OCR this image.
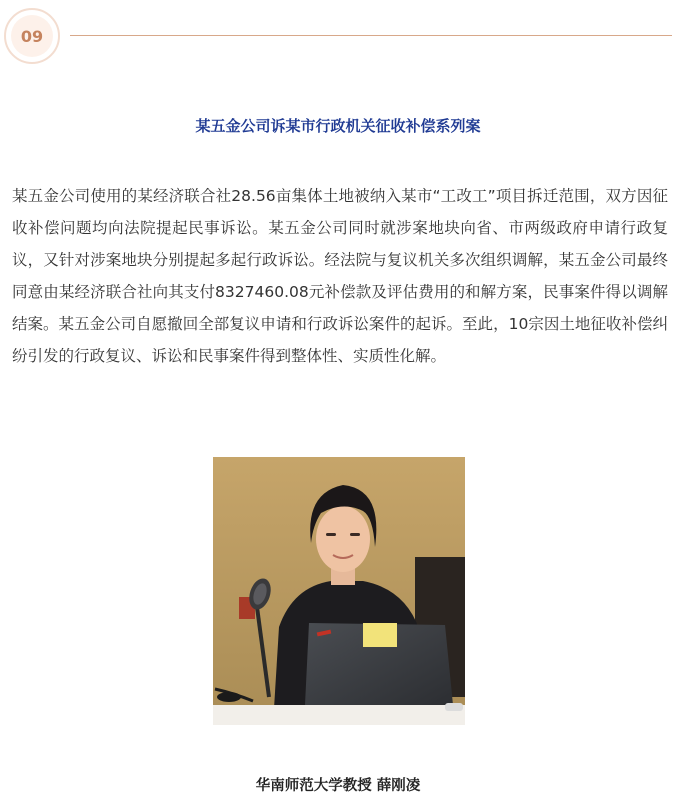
09
某五金公司诉某市行政机关征收补偿系列案

某五金公司使用的某经济联合社28.56亩集体土地被纳入某市“工改工”项目拆迁范围，双方因征收补偿问题均向法院提起民事诉讼。某五金公司同时就涉案地块向省、市两级政府申请行政复议，又针对涉案地块分别提起多起行政诉讼。经法院与复议机关多次组织调解，某五金公司最终同意由某经济联合社向其支付8327460.08元补偿款及评估费用的和解方案，民事案件得以调解结案。某五金公司自愿撤回全部复议申请和行政诉讼案件的起诉。至此，10宗因土地征收补偿纠纷引发的行政复议、诉讼和民事案件得到整体性、实质性化解。

华南师范大学教授 薛刚凌
